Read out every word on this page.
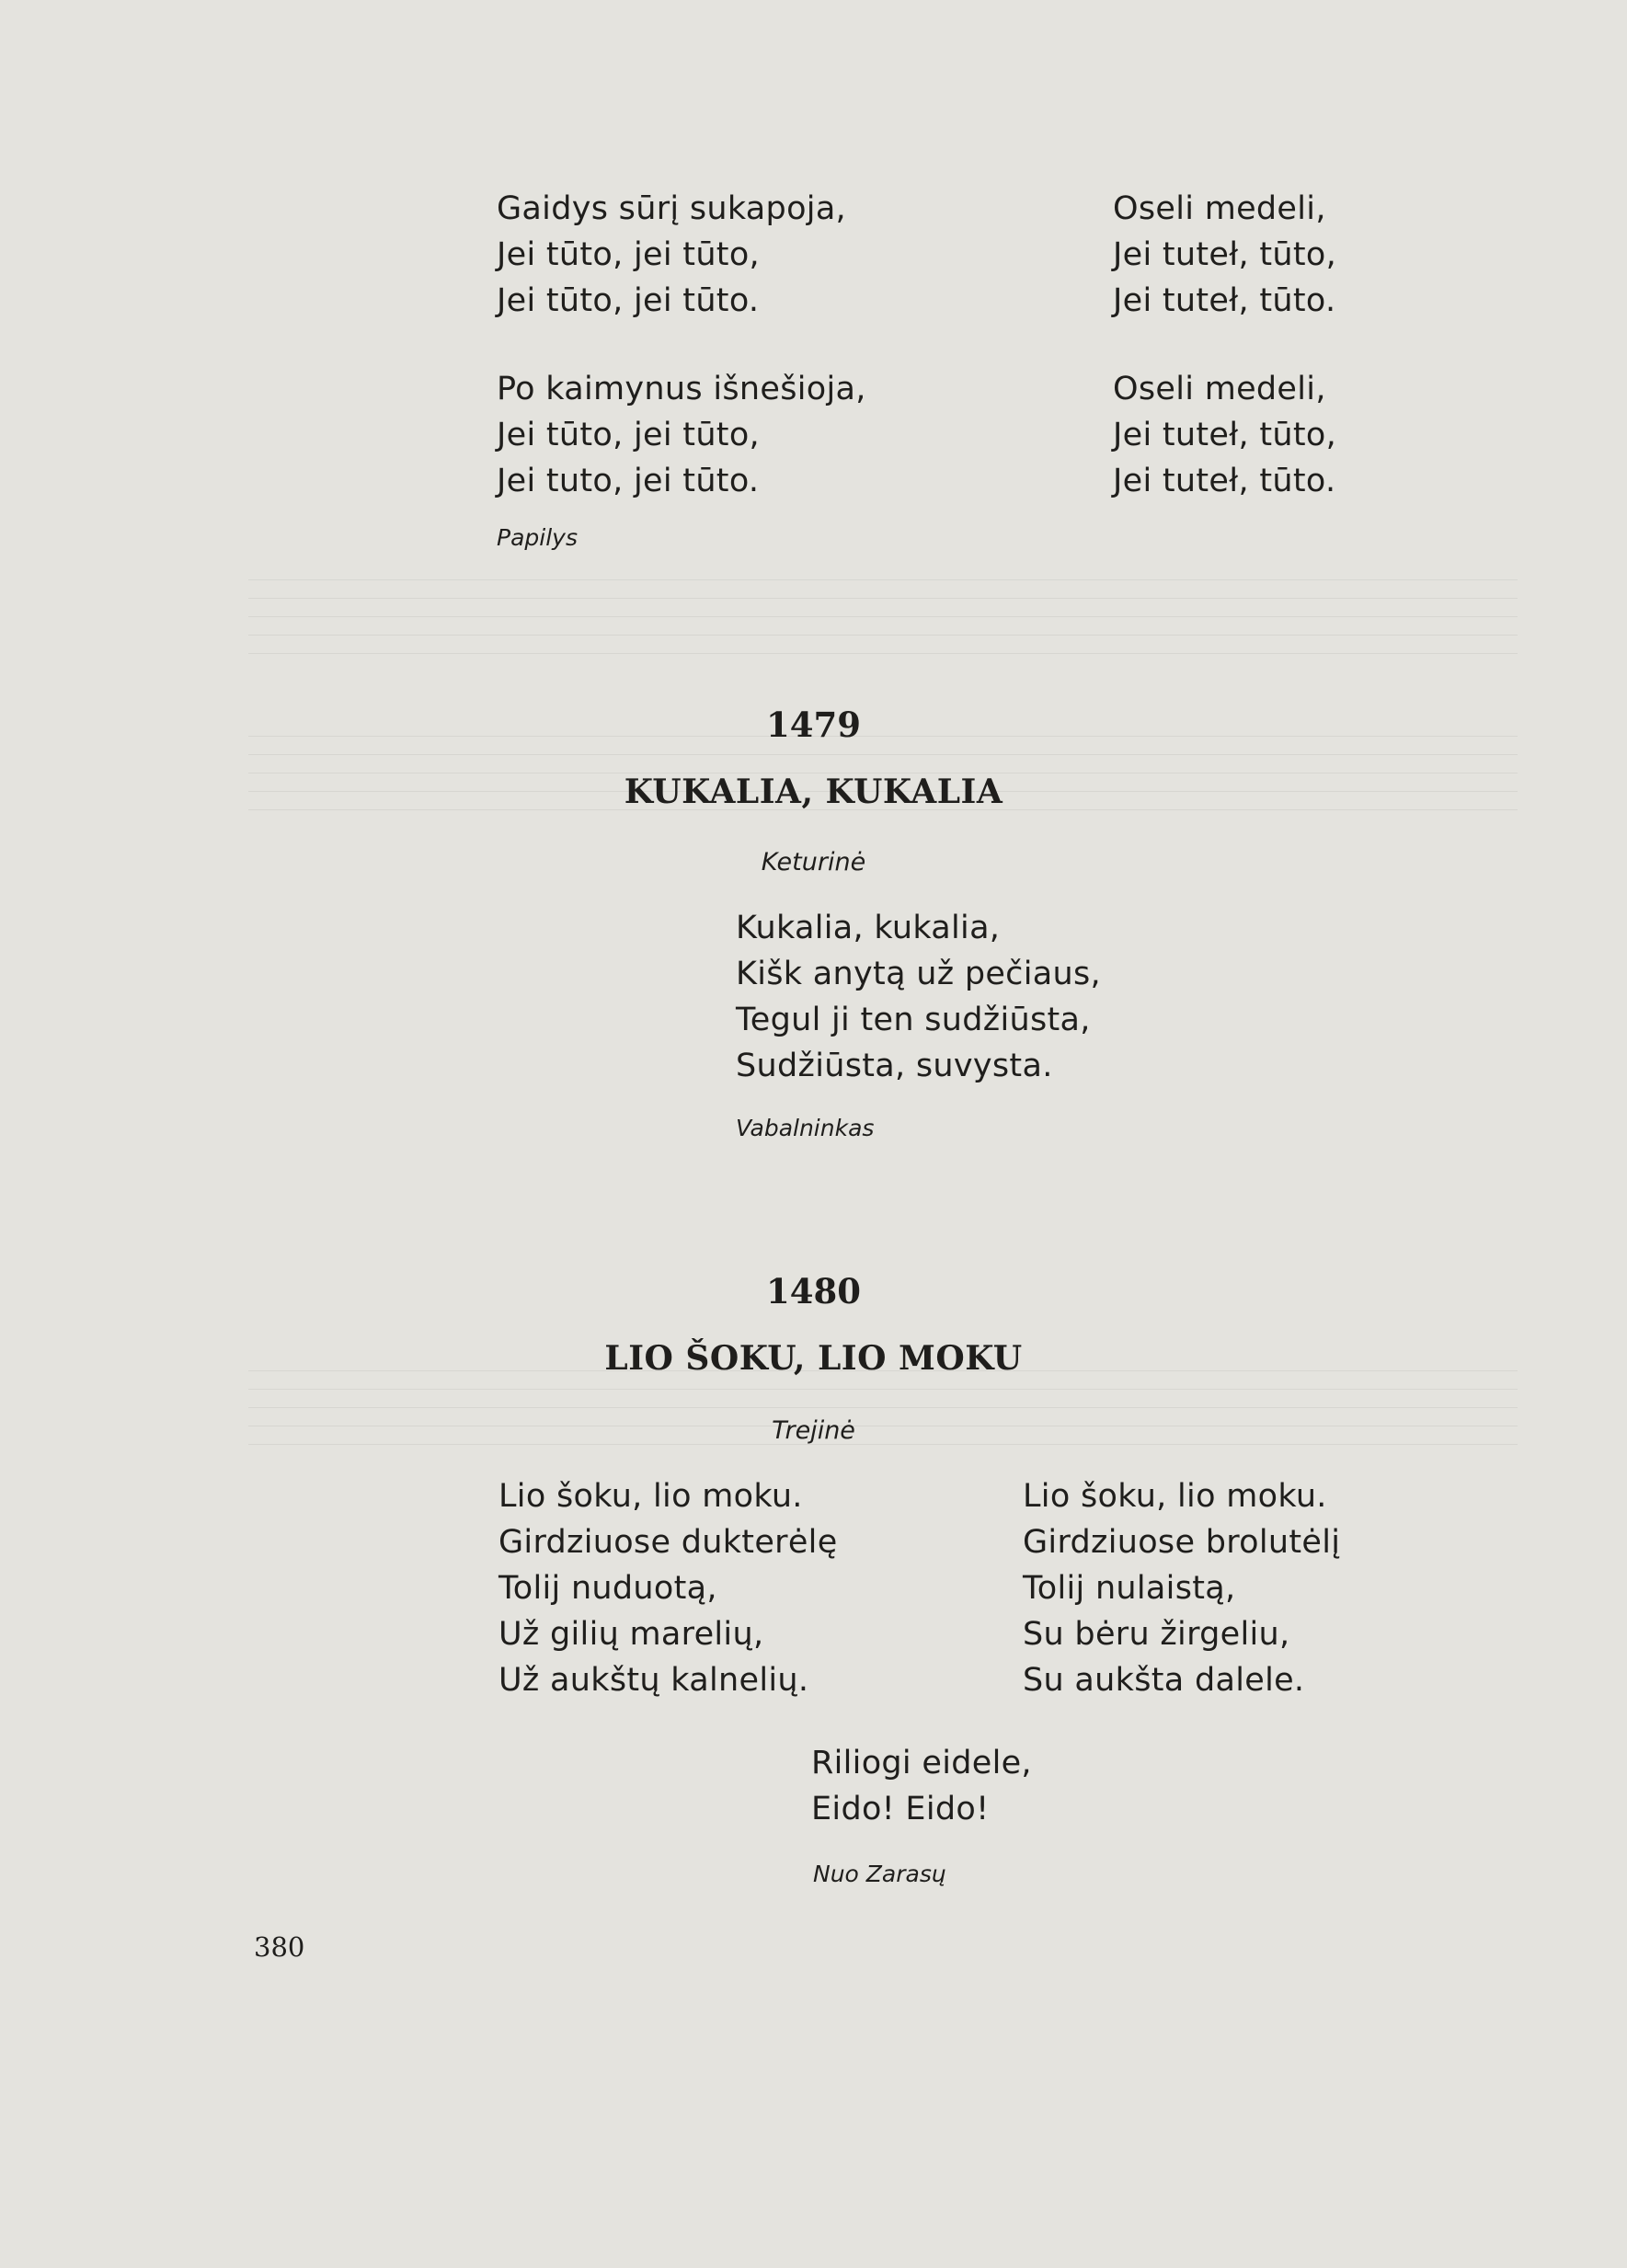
Gaidys sūrį sukapoja,
Jei tūto, jei tūto,
Jei tūto, jei tūto.
Po kaimynus išnešioja,
Jei tūto, jei tūto,
Jei tuto, jei tūto.
Oseli medeli,
Jei tuteł, tūto,
Jei tuteł, tūto.
Oseli medeli,
Jei tuteł, tūto,
Jei tuteł, tūto.
Papilys
1479
KUKALIA, KUKALIA
Keturinė
Kukalia, kukalia,
Kišk anytą už pečiaus,
Tegul ji ten sudžiūsta,
Sudžiūsta, suvysta.
Vabalninkas
1480
LIO ŠOKU, LIO MOKU
Trejinė
Lio šoku, lio moku.
Girdziuose dukterėlę
Tolij nuduotą,
Už gilių marelių,
Už aukštų kalnelių.
Lio šoku, lio moku.
Girdziuose brolutėlį
Tolij nulaistą,
Su bėru žirgeliu,
Su aukšta dalele.
Riliogi eidele,
Eido! Eido!
Nuo Zarasų
380
